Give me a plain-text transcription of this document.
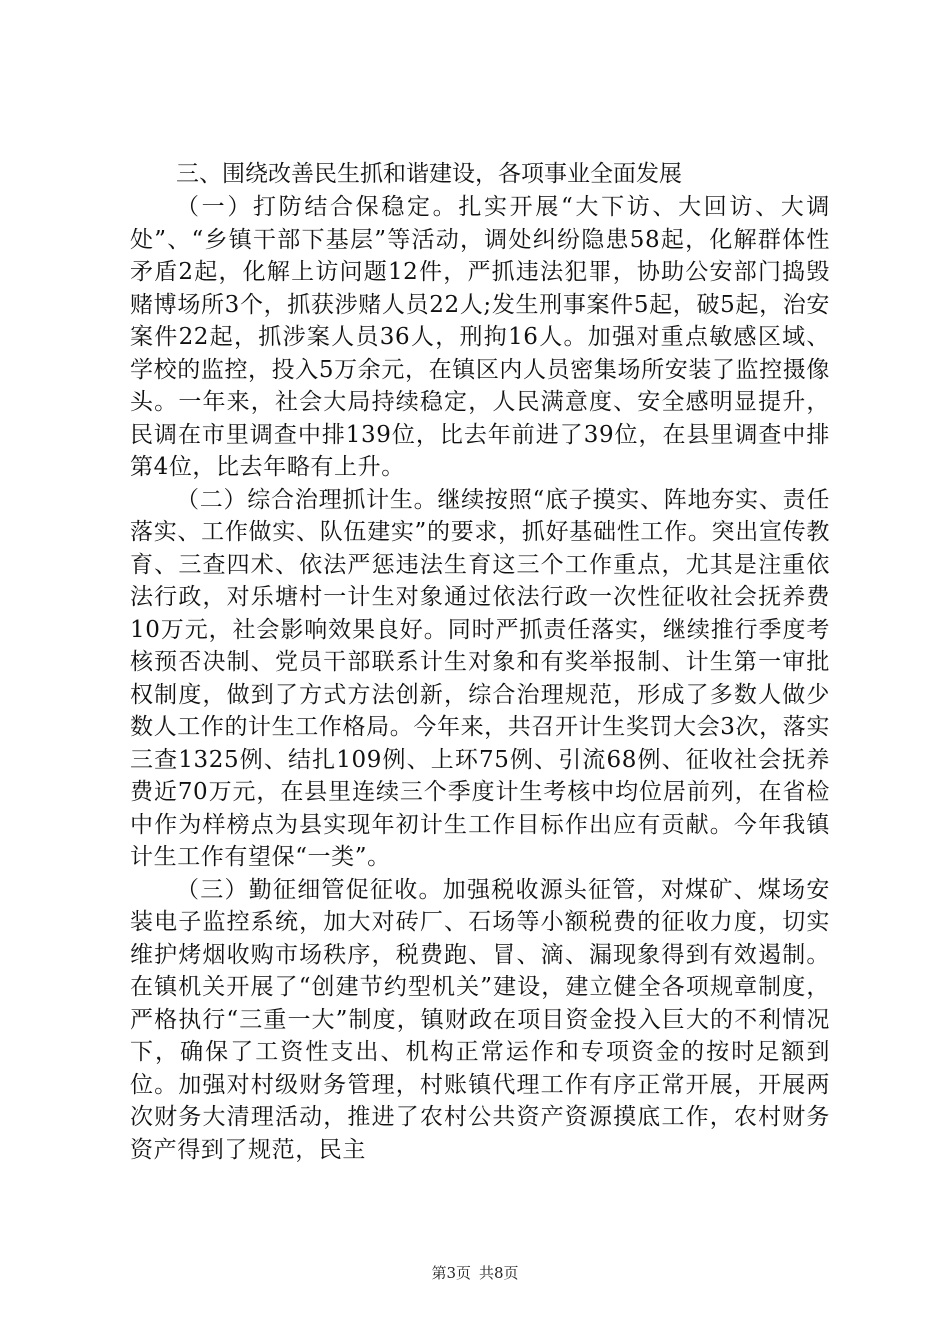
三、围绕改善民生抓和谐建设，各项事业全面发展

（一）打防结合保稳定。扎实开展“大下访、大回访、大调处”、“乡镇干部下基层”等活动，调处纠纷隐患58起，化解群体性矛盾2起，化解上访问题12件，严抓违法犯罪，协助公安部门捣毁赌博场所3个，抓获涉赌人员22人;发生刑事案件5起，破5起，治安案件22起，抓涉案人员36人，刑拘16人。加强对重点敏感区域、学校的监控，投入5万余元，在镇区内人员密集场所安装了监控摄像头。一年来，社会大局持续稳定，人民满意度、安全感明显提升，民调在市里调查中排139位，比去年前进了39位，在县里调查中排第4位，比去年略有上升。

（二）综合治理抓计生。继续按照“底子摸实、阵地夯实、责任落实、工作做实、队伍建实”的要求，抓好基础性工作。突出宣传教育、三查四术、依法严惩违法生育这三个工作重点，尤其是注重依法行政，对乐塘村一计生对象通过依法行政一次性征收社会抚养费10万元，社会影响效果良好。同时严抓责任落实，继续推行季度考核预否决制、党员干部联系计生对象和有奖举报制、计生第一审批权制度，做到了方式方法创新，综合治理规范，形成了多数人做少数人工作的计生工作格局。今年来，共召开计生奖罚大会3次，落实三查1325例、结扎109例、上环75例、引流68例、征收社会抚养费近70万元，在县里连续三个季度计生考核中均位居前列，在省检中作为样榜点为县实现年初计生工作目标作出应有贡献。今年我镇计生工作有望保“一类”。

（三）勤征细管促征收。加强税收源头征管，对煤矿、煤场安装电子监控系统，加大对砖厂、石场等小额税费的征收力度，切实维护烤烟收购市场秩序，税费跑、冒、滴、漏现象得到有效遏制。在镇机关开展了“创建节约型机关”建设，建立健全各项规章制度，严格执行“三重一大”制度，镇财政在项目资金投入巨大的不利情况下，确保了工资性支出、机构正常运作和专项资金的按时足额到位。加强对村级财务管理，村账镇代理工作有序正常开展，开展两次财务大清理活动，推进了农村公共资产资源摸底工作，农村财务资产得到了规范，民主

第3页 共8页
